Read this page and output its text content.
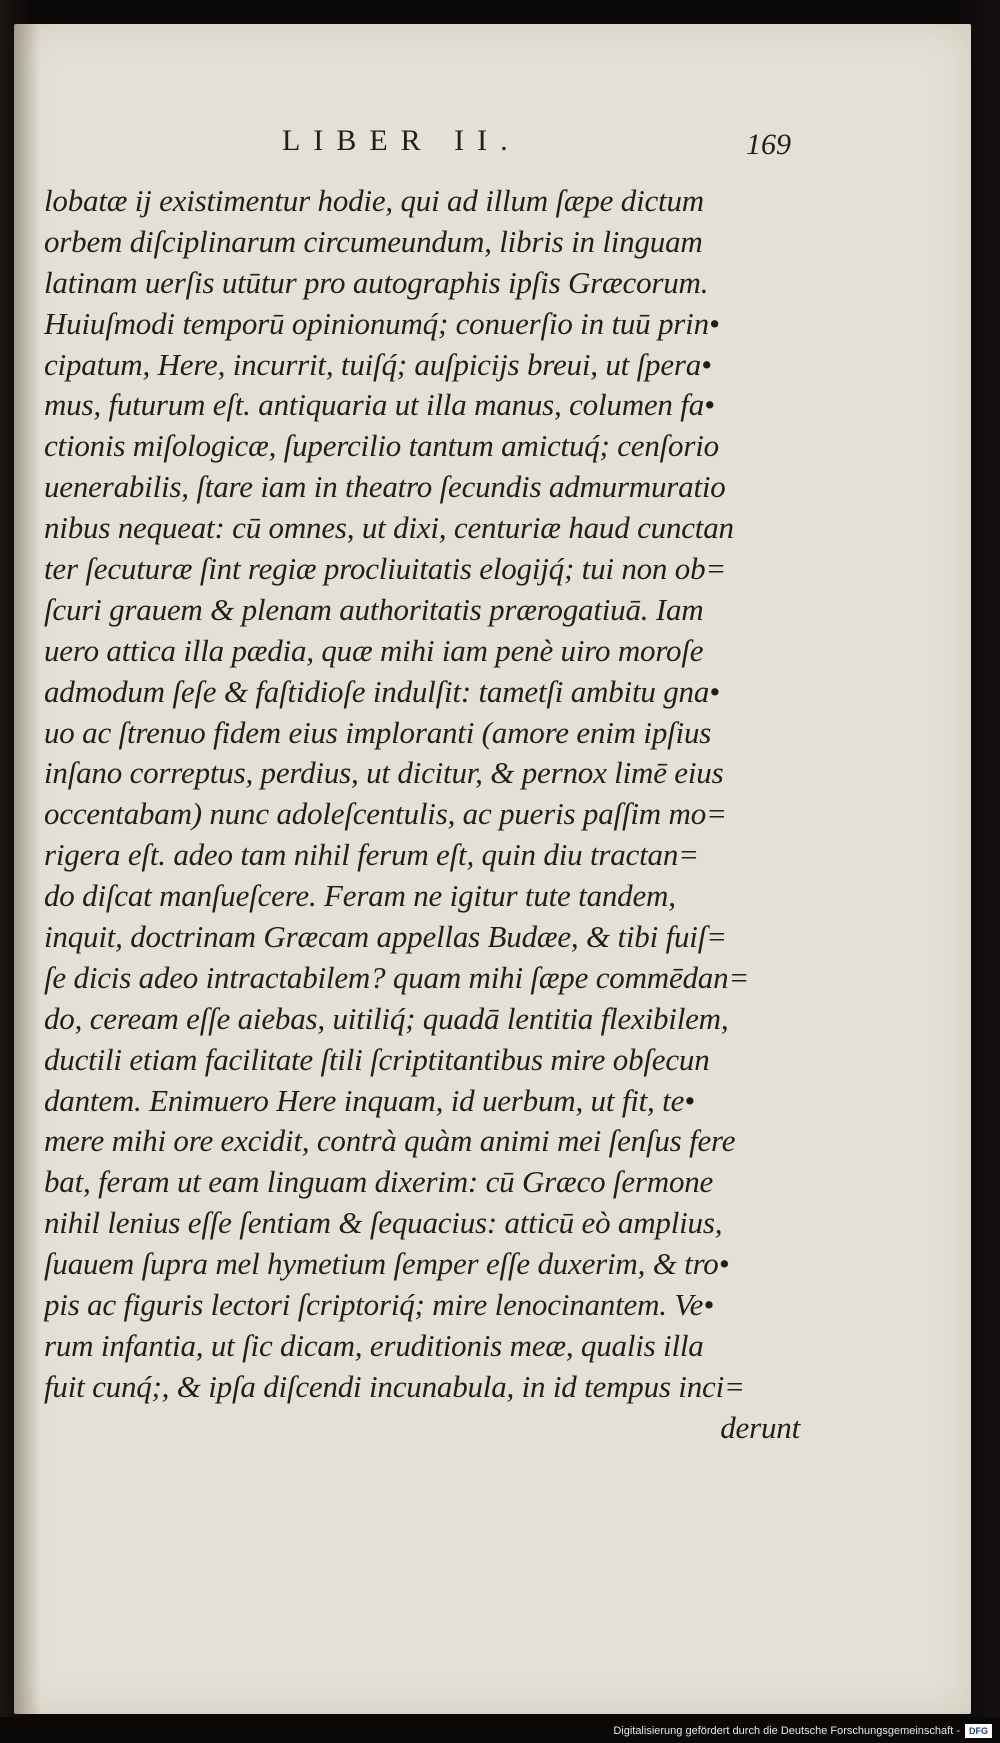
LIBER II.	169
lobatæ ij existimentur hodie, qui ad illum ſæpe dictum
orbem diſciplinarum circumeundum, libris in linguam
latinam uerſis utūtur pro autographis ipſis Græcorum.
Huiuſmodi temporū opinionumq́; conuerſio in tuū prin•
cipatum, Here, incurrit, tuiſq́; auſpicijs breui, ut ſpera•
mus, futurum eſt. antiquaria ut illa manus, columen fa•
ctionis miſologicæ, ſupercilio tantum amictuq́; cenſorio
uenerabilis, ſtare iam in theatro ſecundis admurmuratio
nibus nequeat: cū omnes, ut dixi, centuriæ haud cunctan
ter ſecuturæ ſint regiæ procliuitatis elogijq́; tui non ob=
ſcuri grauem & plenam authoritatis prærogatiuā. Iam
uero attica illa pædia, quæ mihi iam penè uiro moroſe
admodum ſeſe & faſtidioſe indulſit: tametſi ambitu gna•
uo ac ſtrenuo fidem eius imploranti (amore enim ipſius
inſano correptus, perdius, ut dicitur, & pernox limē eius
occentabam) nunc adoleſcentulis, ac pueris paſſim mo=
rigera eſt. adeo tam nihil ferum eſt, quin diu tractan=
do diſcat manſueſcere. Feram ne igitur tute tandem,
inquit, doctrinam Græcam appellas Budæe, & tibi fuiſ=
ſe dicis adeo intractabilem? quam mihi ſæpe commēdan=
do, ceream eſſe aiebas, uitiliq́; quadā lentitia flexibilem,
ductili etiam facilitate ſtili ſcriptitantibus mire obſecun
dantem. Enimuero Here inquam, id uerbum, ut fit, te•
mere mihi ore excidit, contrà quàm animi mei ſenſus fere
bat, feram ut eam linguam dixerim: cū Græco ſermone
nihil lenius eſſe ſentiam & ſequacius: atticū eò amplius,
ſuauem ſupra mel hymetium ſemper eſſe duxerim, & tro•
pis ac figuris lectori ſcriptoriq́; mire lenocinantem. Ve•
rum infantia, ut ſic dicam, eruditionis meæ, qualis illa
fuit cunq́;, & ipſa diſcendi incunabula, in id tempus inci=
derunt
Digitalisierung gefördert durch die Deutsche Forschungsgemeinschaft -	DFG
